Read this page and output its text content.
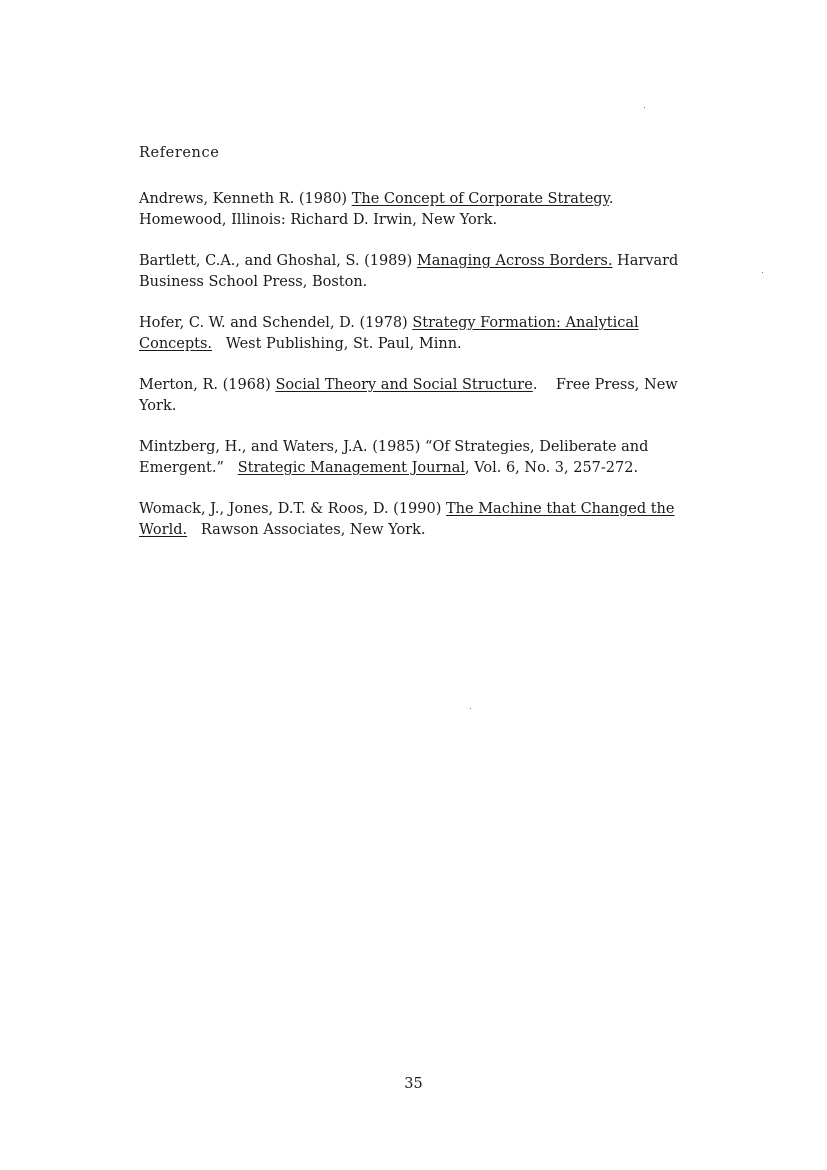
Reference
Andrews, Kenneth R. (1980) The Concept of Corporate Strategy.
Homewood, Illinois: Richard D. Irwin, New York.
Bartlett, C.A., and Ghoshal, S. (1989) Managing Across Borders. Harvard
Business School Press, Boston.
Hofer, C. W. and Schendel, D. (1978) Strategy Formation: Analytical
Concepts.   West Publishing, St. Paul, Minn.
Merton, R. (1968) Social Theory and Social Structure.    Free Press, New
York.
Mintzberg, H., and Waters, J.A. (1985) “Of Strategies, Deliberate and
Emergent.”   Strategic Management Journal, Vol. 6, No. 3, 257-272.
Womack, J., Jones, D.T. & Roos, D. (1990) The Machine that Changed the
World.   Rawson Associates, New York.
35
